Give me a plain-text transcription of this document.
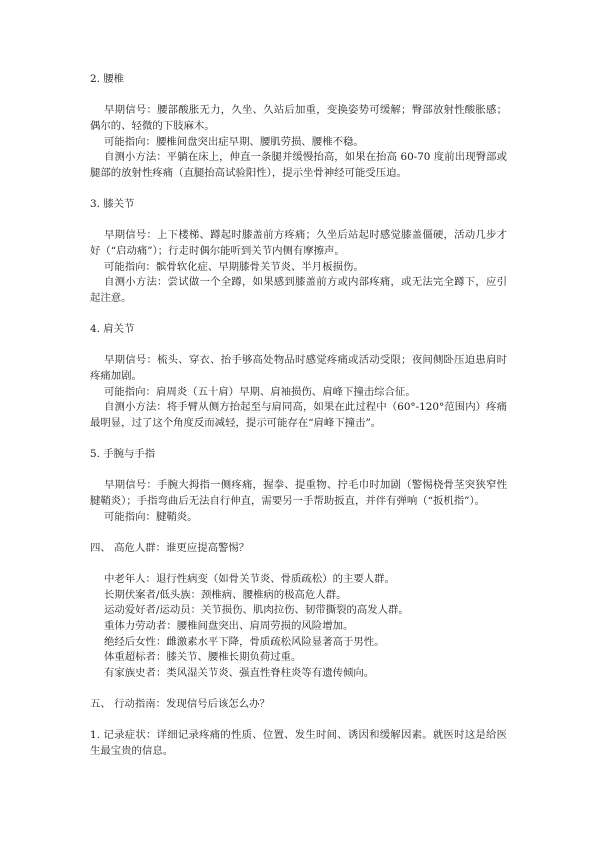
2. 腰椎

早期信号：腰部酸胀无力，久坐、久站后加重，变换姿势可缓解；臀部放射性酸胀感；偶尔的、轻微的下肢麻木。

可能指向：腰椎间盘突出症早期、腰肌劳损、腰椎不稳。

自测小方法：平躺在床上，伸直一条腿并缓慢抬高，如果在抬高 60-70 度前出现臀部或腿部的放射性疼痛（直腿抬高试验阳性），提示坐骨神经可能受压迫。

3. 膝关节

早期信号：上下楼梯、蹲起时膝盖前方疼痛；久坐后站起时感觉膝盖僵硬，活动几步才好（“启动痛”）；行走时偶尔能听到关节内侧有摩擦声。

可能指向：髌骨软化症、早期膝骨关节炎、半月板损伤。

自测小方法：尝试做一个全蹲，如果感到膝盖前方或内部疼痛，或无法完全蹲下，应引起注意。

4. 肩关节

早期信号：梳头、穿衣、抬手够高处物品时感觉疼痛或活动受限；夜间侧卧压迫患肩时疼痛加剧。

可能指向：肩周炎（五十肩）早期、肩袖损伤、肩峰下撞击综合征。

自测小方法：将手臂从侧方抬起至与肩同高，如果在此过程中（60°-120°范围内）疼痛最明显，过了这个角度反而减轻，提示可能存在“肩峰下撞击”。

5. 手腕与手指

早期信号：手腕大拇指一侧疼痛，握拳、提重物、拧毛巾时加剧（警惕桡骨茎突狭窄性腱鞘炎）；手指弯曲后无法自行伸直，需要另一手帮助扳直，并伴有弹响（“扳机指”）。

可能指向：腱鞘炎。

四、 高危人群：谁更应提高警惕？

中老年人：退行性病变（如骨关节炎、骨质疏松）的主要人群。

长期伏案者/低头族：颈椎病、腰椎病的极高危人群。

运动爱好者/运动员：关节损伤、肌肉拉伤、韧带撕裂的高发人群。

重体力劳动者：腰椎间盘突出、肩周劳损的风险增加。

绝经后女性：雌激素水平下降，骨质疏松风险显著高于男性。

体重超标者：膝关节、腰椎长期负荷过重。

有家族史者：类风湿关节炎、强直性脊柱炎等有遗传倾向。

五、 行动指南：发现信号后该怎么办？

1. 记录症状：详细记录疼痛的性质、位置、发生时间、诱因和缓解因素。就医时这是给医生最宝贵的信息。
